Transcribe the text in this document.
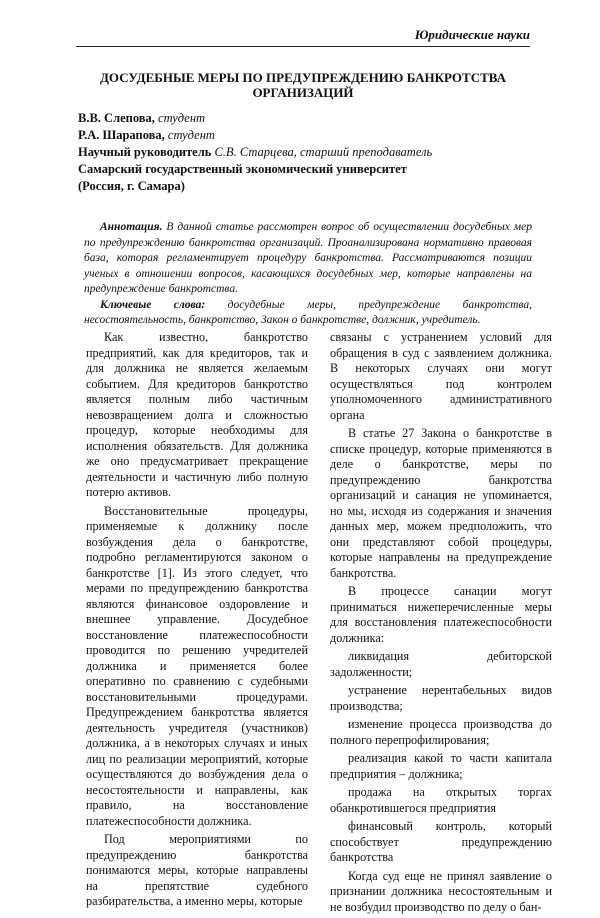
Юридические науки
ДОСУДЕБНЫЕ МЕРЫ ПО ПРЕДУПРЕЖДЕНИЮ БАНКРОТСТВА ОРГАНИЗАЦИЙ
В.В. Слепова, студент
Р.А. Шарапова, студент
Научный руководитель С.В. Старцева, старший преподаватель
Самарский государственный экономический университет
(Россия, г. Самара)

Аннотация. В данной статье рассмотрен вопрос об осуществлении досудебных мер по предупреждению банкротства организаций. Проанализирована нормативно правовая база, которая регламентирует процедуру банкротства. Рассматриваются позиции ученых в отношении вопросов, касающихся досудебных мер, которые направлены на предупреждение банкротства.

Ключевые слова: досудебные меры, предупреждение банкротства, несостоятельность, банкротство, Закон о банкротстве, должник, учредитель.

Как известно, банкротство предприятий, как для кредиторов, так и для должника не является желаемым событием. Для кредиторов банкротство является полным либо частичным невозвращением долга и сложностью процедур, которые необходимы для исполнения обязательств. Для должника же оно предусматривает прекращение деятельности и частичную либо полную потерю активов.

Восстановительные процедуры, применяемые к должнику после возбуждения дела о банкротстве, подробно регламентируются законом о банкротстве [1]. Из этого следует, что мерами по предупреждению банкротства являются финансовое оздоровление и внешнее управление. Досудебное восстановление платежеспособности проводится по решению учредителей должника и применяется более оперативно по сравнению с судебными восстановительными процедурами. Предупреждением банкротства является деятельность учредителя (участников) должника, а в некоторых случаях и иных лиц по реализации мероприятий, которые осуществляются до возбуждения дела о несостоятельности и направлены, как правило, на восстановление платежеспособности должника.

Под мероприятиями по предупреждению банкротства понимаются меры, которые направлены на препятствие судебного разбирательства, а именно меры, которые

связаны с устранением условий для обращения в суд с заявлением должника. В некоторых случаях они могут осуществляться под контролем уполномоченного административного органа

В статье 27 Закона о банкротстве в списке процедур, которые применяются в деле о банкротстве, меры по предупреждению банкротства организаций и санация не упоминается, но мы, исходя из содержания и значения данных мер, можем предположить, что они представляют собой процедуры, которые направлены на предупреждение банкротства.

В процессе санации могут приниматься нижеперечисленные меры для восстановления платежеспособности должника:

ликвидация дебиторской задолженности;

устранение нерентабельных видов производства;

изменение процесса производства до полного перепрофилирования;

реализация какой то части капитала предприятия – должника;

продажа на открытых торгах обанкротившегося предприятия

финансовый контроль, который способствует предупреждению банкротства

Когда суд еще не принял заявление о признании должника несостоятельным и не возбудил производство по делу о бан-
